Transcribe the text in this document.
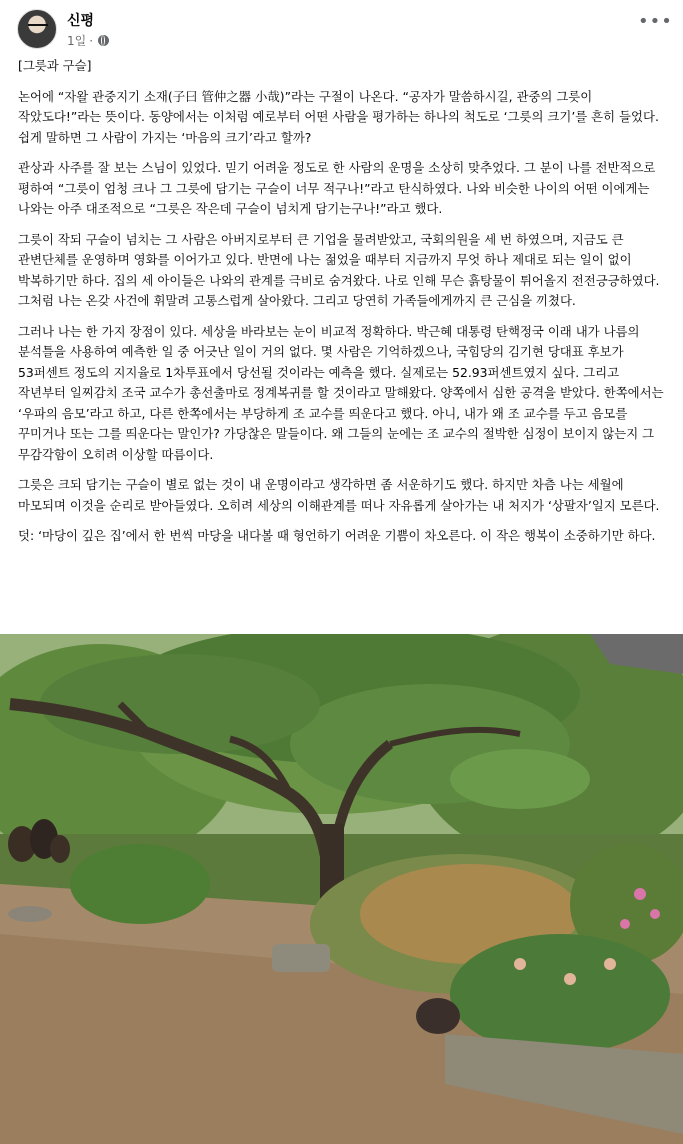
신평
1일 ·
•••

[그릇과 구슬]

논어에 “자왈 관중지기 소재(子曰 管仲之器 小哉)”라는 구절이 나온다. “공자가 말씀하시길, 관중의 그릇이 작았도다!”라는 뜻이다. 동양에서는 이처럼 예로부터 어떤 사람을 평가하는 하나의 척도로 ‘그릇의 크기’를 흔히 들었다. 쉽게 말하면 그 사람이 가지는 ‘마음의 크기’라고 할까?

관상과 사주를 잘 보는 스님이 있었다. 믿기 어려울 정도로 한 사람의 운명을 소상히 맞추었다. 그 분이 나를 전반적으로 평하여 “그릇이 엄청 크나 그 그릇에 담기는 구슬이 너무 적구나!”라고 탄식하였다. 나와 비슷한 나이의 어떤 이에게는 나와는 아주 대조적으로 “그릇은 작은데 구슬이 넘치게 담기는구나!”라고 했다.

그릇이 작되 구슬이 넘치는 그 사람은 아버지로부터 큰 기업을 물려받았고, 국회의원을 세 번 하였으며, 지금도 큰 관변단체를 운영하며 영화를 이어가고 있다. 반면에 나는 젊었을 때부터 지금까지 무엇 하나 제대로 되는 일이 없이 박복하기만 하다. 집의 세 아이들은 나와의 관계를 극비로 숨겨왔다. 나로 인해 무슨 흙탕물이 튀어올지 전전긍긍하였다. 그처럼 나는 온갖 사건에 휘말려 고통스럽게 살아왔다. 그리고 당연히 가족들에게까지 큰 근심을 끼쳤다.

그러나 나는 한 가지 장점이 있다. 세상을 바라보는 눈이 비교적 정확하다. 박근혜 대통령 탄핵정국 이래 내가 나름의 분석틀을 사용하여 예측한 일 중 어긋난 일이 거의 없다. 몇 사람은 기억하겠으나, 국힘당의 김기현 당대표 후보가 53퍼센트 정도의 지지율로 1차투표에서 당선될 것이라는 예측을 했다. 실제로는 52.93퍼센트였지 싶다. 그리고 작년부터 일찌감치 조국 교수가 총선출마로 정계복귀를 할 것이라고 말해왔다. 양쪽에서 심한 공격을 받았다. 한쪽에서는 ‘우파의 음모’라고 하고, 다른 한쪽에서는 부당하게 조 교수를 띄운다고 했다. 아니, 내가 왜 조 교수를 두고 음모를 꾸미거나 또는 그를 띄운다는 말인가? 가당찮은 말들이다. 왜 그들의 눈에는 조 교수의 절박한 심정이 보이지 않는지 그 무감각함이 오히려 이상할 따름이다.

그릇은 크되 담기는 구슬이 별로 없는 것이 내 운명이라고 생각하면 좀 서운하기도 했다. 하지만 차츰 나는 세월에 마모되며 이것을 순리로 받아들였다. 오히려 세상의 이해관계를 떠나 자유롭게 살아가는 내 처지가 ‘상팔자’일지 모른다.

덧: ‘마당이 깊은 집’에서 한 번씩 마당을 내다볼 때 형언하기 어려운 기쁨이 차오른다. 이 작은 행복이 소중하기만 하다.
